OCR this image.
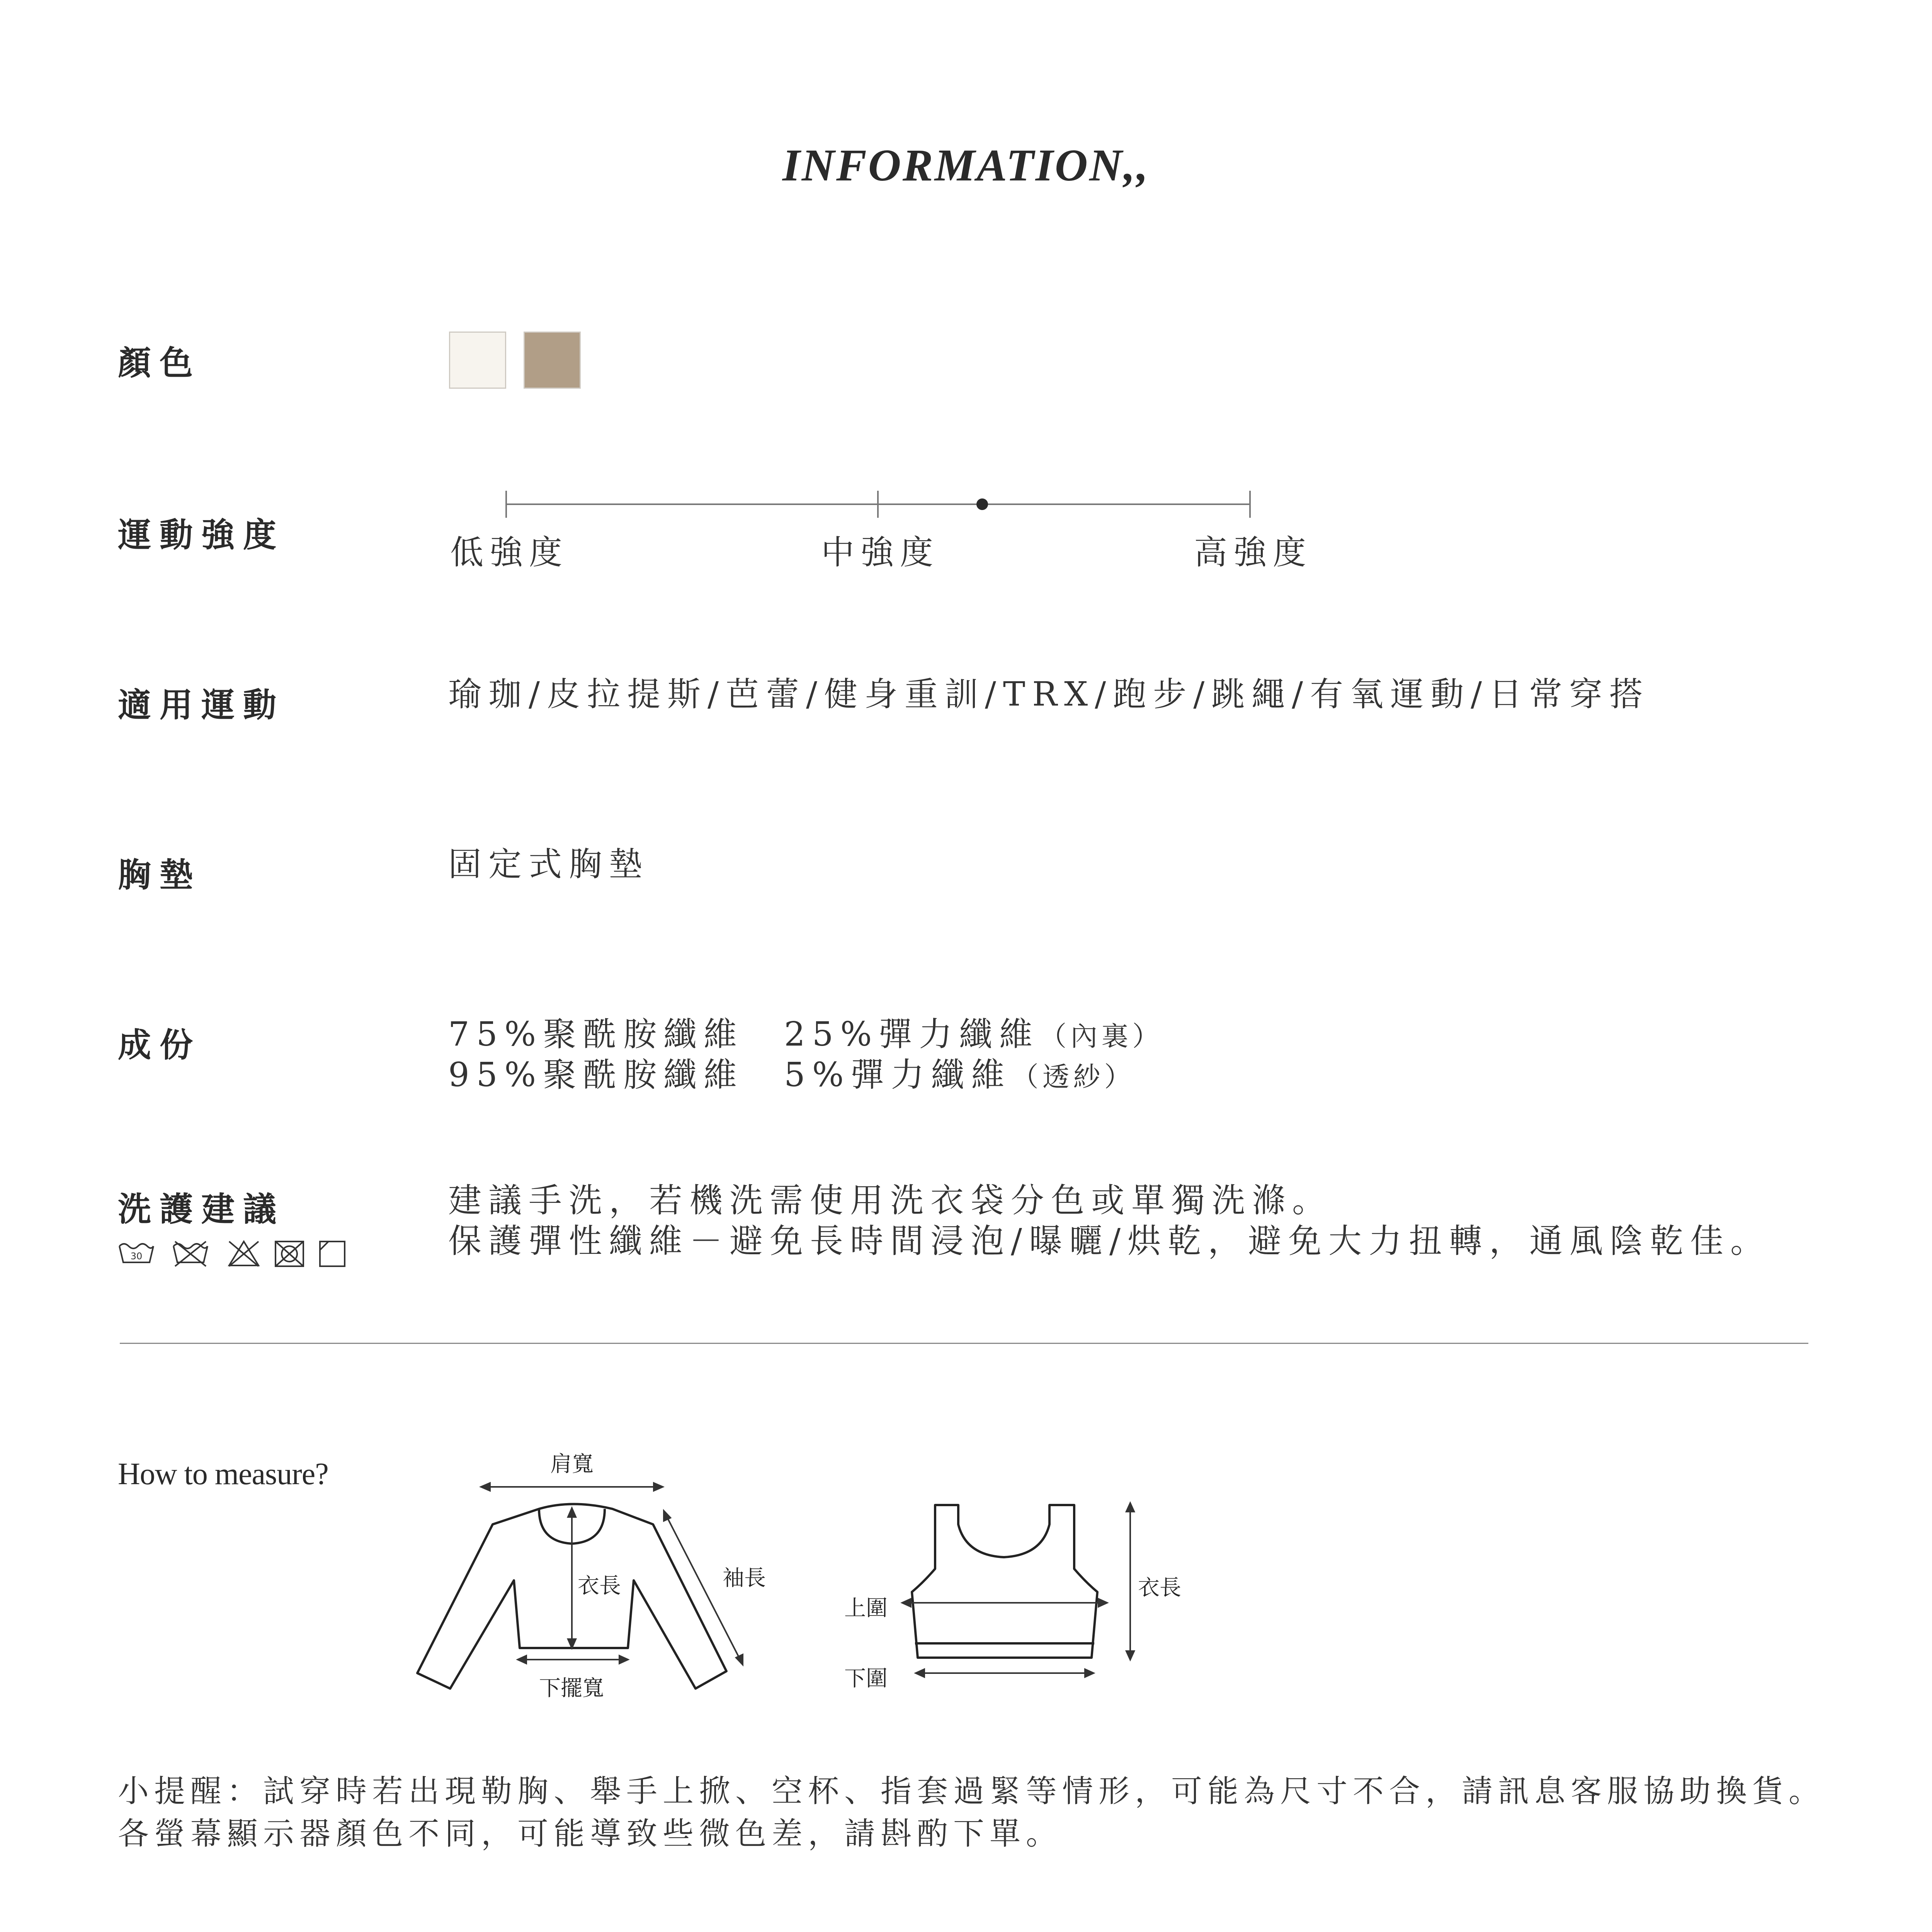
INFORMATION,,
顏色
運動強度	低強度	中強度	高強度
適用運動	瑜珈/皮拉提斯/芭蕾/健身重訓/TRX/跑步/跳繩/有氧運動/日常穿搭
胸墊	固定式胸墊
成份	75%聚酰胺纖維　25%彈力纖維（內裏）
95%聚酰胺纖維　5%彈力纖維（透紗）
洗護建議	建議手洗，若機洗需使用洗衣袋分色或單獨洗滌。
保護彈性纖維－避免長時間浸泡/曝曬/烘乾，避免大力扭轉，通風陰乾佳。
30
How to measure?	肩寬
衣長	袖長
下擺寬
上圍
下圍
衣長
小提醒：試穿時若出現勒胸、舉手上掀、空杯、指套過緊等情形，可能為尺寸不合，請訊息客服協助換貨。
各螢幕顯示器顏色不同，可能導致些微色差，請斟酌下單。
